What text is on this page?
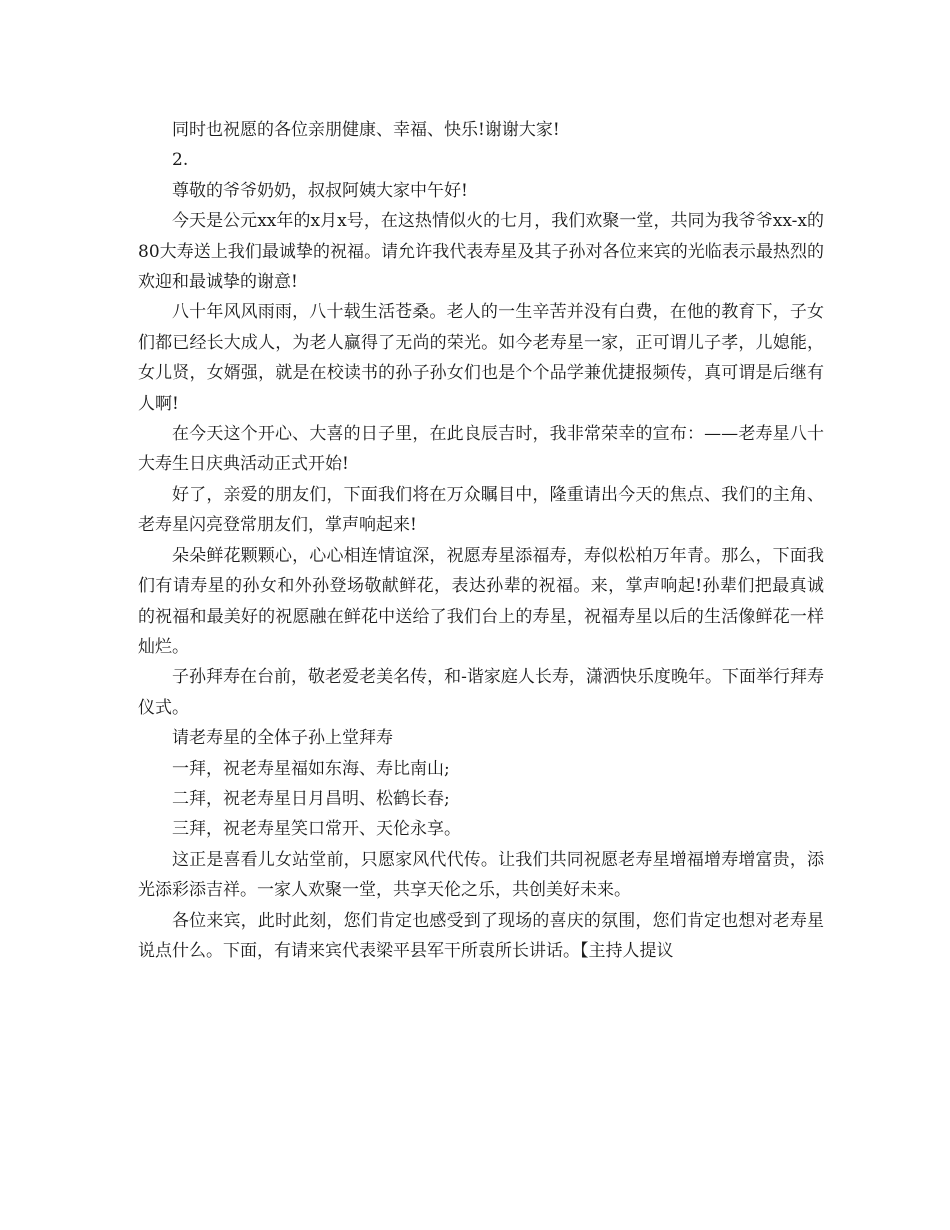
同时也祝愿的各位亲朋健康、幸福、快乐!谢谢大家!

2.

尊敬的爷爷奶奶，叔叔阿姨大家中午好!

今天是公元xx年的x月x号，在这热情似火的七月，我们欢聚一堂，共同为我爷爷xx-x的80大寿送上我们最诚挚的祝福。请允许我代表寿星及其子孙对各位来宾的光临表示最热烈的欢迎和最诚挚的谢意!

八十年风风雨雨，八十载生活苍桑。老人的一生辛苦并没有白费，在他的教育下，子女们都已经长大成人，为老人赢得了无尚的荣光。如今老寿星一家，正可谓儿子孝，儿媳能，女儿贤，女婿强，就是在校读书的孙子孙女们也是个个品学兼优捷报频传，真可谓是后继有人啊!

在今天这个开心、大喜的日子里，在此良辰吉时，我非常荣幸的宣布：——老寿星八十大寿生日庆典活动正式开始!

好了，亲爱的朋友们，下面我们将在万众瞩目中，隆重请出今天的焦点、我们的主角、老寿星闪亮登常朋友们，掌声响起来!

朵朵鲜花颗颗心，心心相连情谊深，祝愿寿星添福寿，寿似松柏万年青。那么，下面我们有请寿星的孙女和外孙登场敬献鲜花，表达孙辈的祝福。来，掌声响起!孙辈们把最真诚的祝福和最美好的祝愿融在鲜花中送给了我们台上的寿星，祝福寿星以后的生活像鲜花一样灿烂。

子孙拜寿在台前，敬老爱老美名传，和-谐家庭人长寿，潇洒快乐度晚年。下面举行拜寿仪式。

请老寿星的全体子孙上堂拜寿

一拜，祝老寿星福如东海、寿比南山;

二拜，祝老寿星日月昌明、松鹤长春;

三拜，祝老寿星笑口常开、天伦永享。

这正是喜看儿女站堂前，只愿家风代代传。让我们共同祝愿老寿星增福增寿增富贵，添光添彩添吉祥。一家人欢聚一堂，共享天伦之乐，共创美好未来。

各位来宾，此时此刻，您们肯定也感受到了现场的喜庆的氛围，您们肯定也想对老寿星说点什么。下面，有请来宾代表梁平县军干所袁所长讲话。【主持人提议
